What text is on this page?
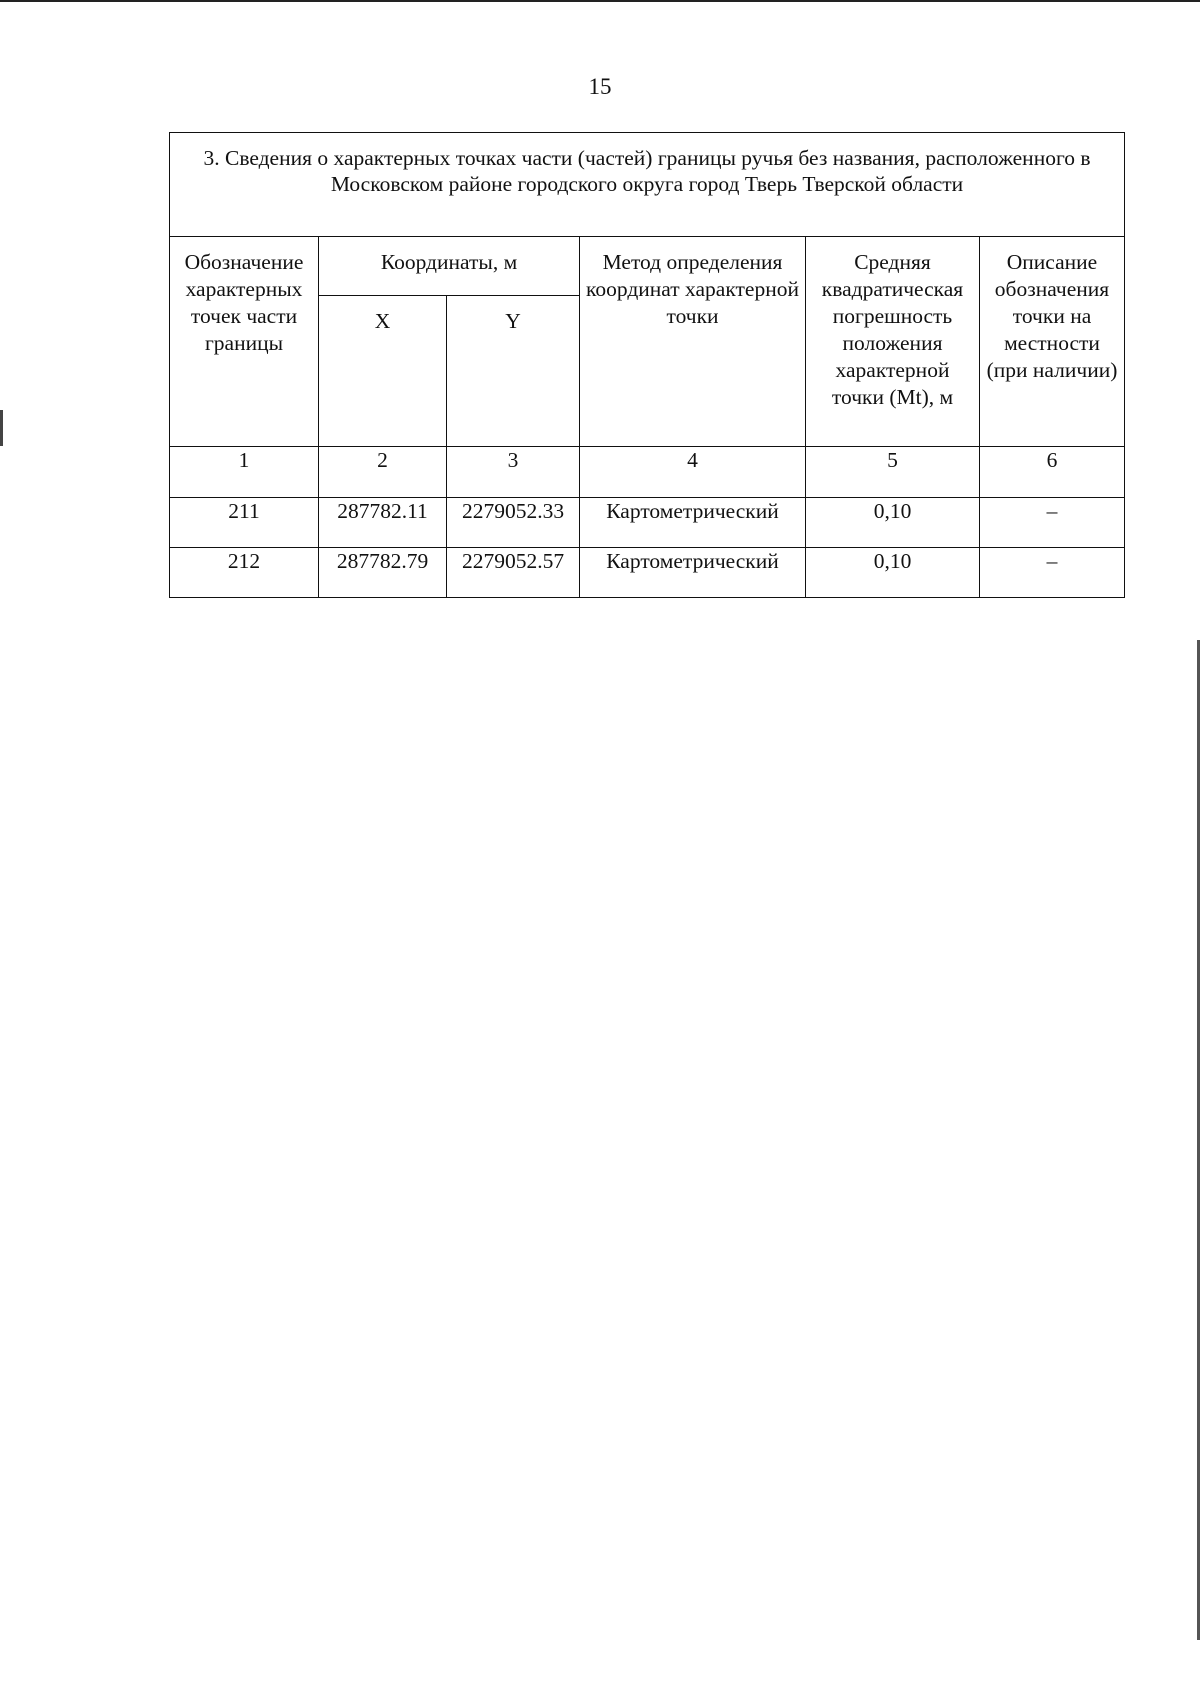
15
3. Сведения о характерных точках части (частей) границы ручья без названия, расположенного в Московском районе городского округа город Тверь Тверской области					
Обозначение характерных точек части границы	Координаты, м		Метод определения координат характерной точки	Средняя квадратическая погрешность положения характерной точки (Mt), м	Описание обозначения точки на местности (при наличии)
	X	Y			
1	2	3	4	5	6
211	287782.11	2279052.33	Картометрический	0,10	–
212	287782.79	2279052.57	Картометрический	0,10	–
